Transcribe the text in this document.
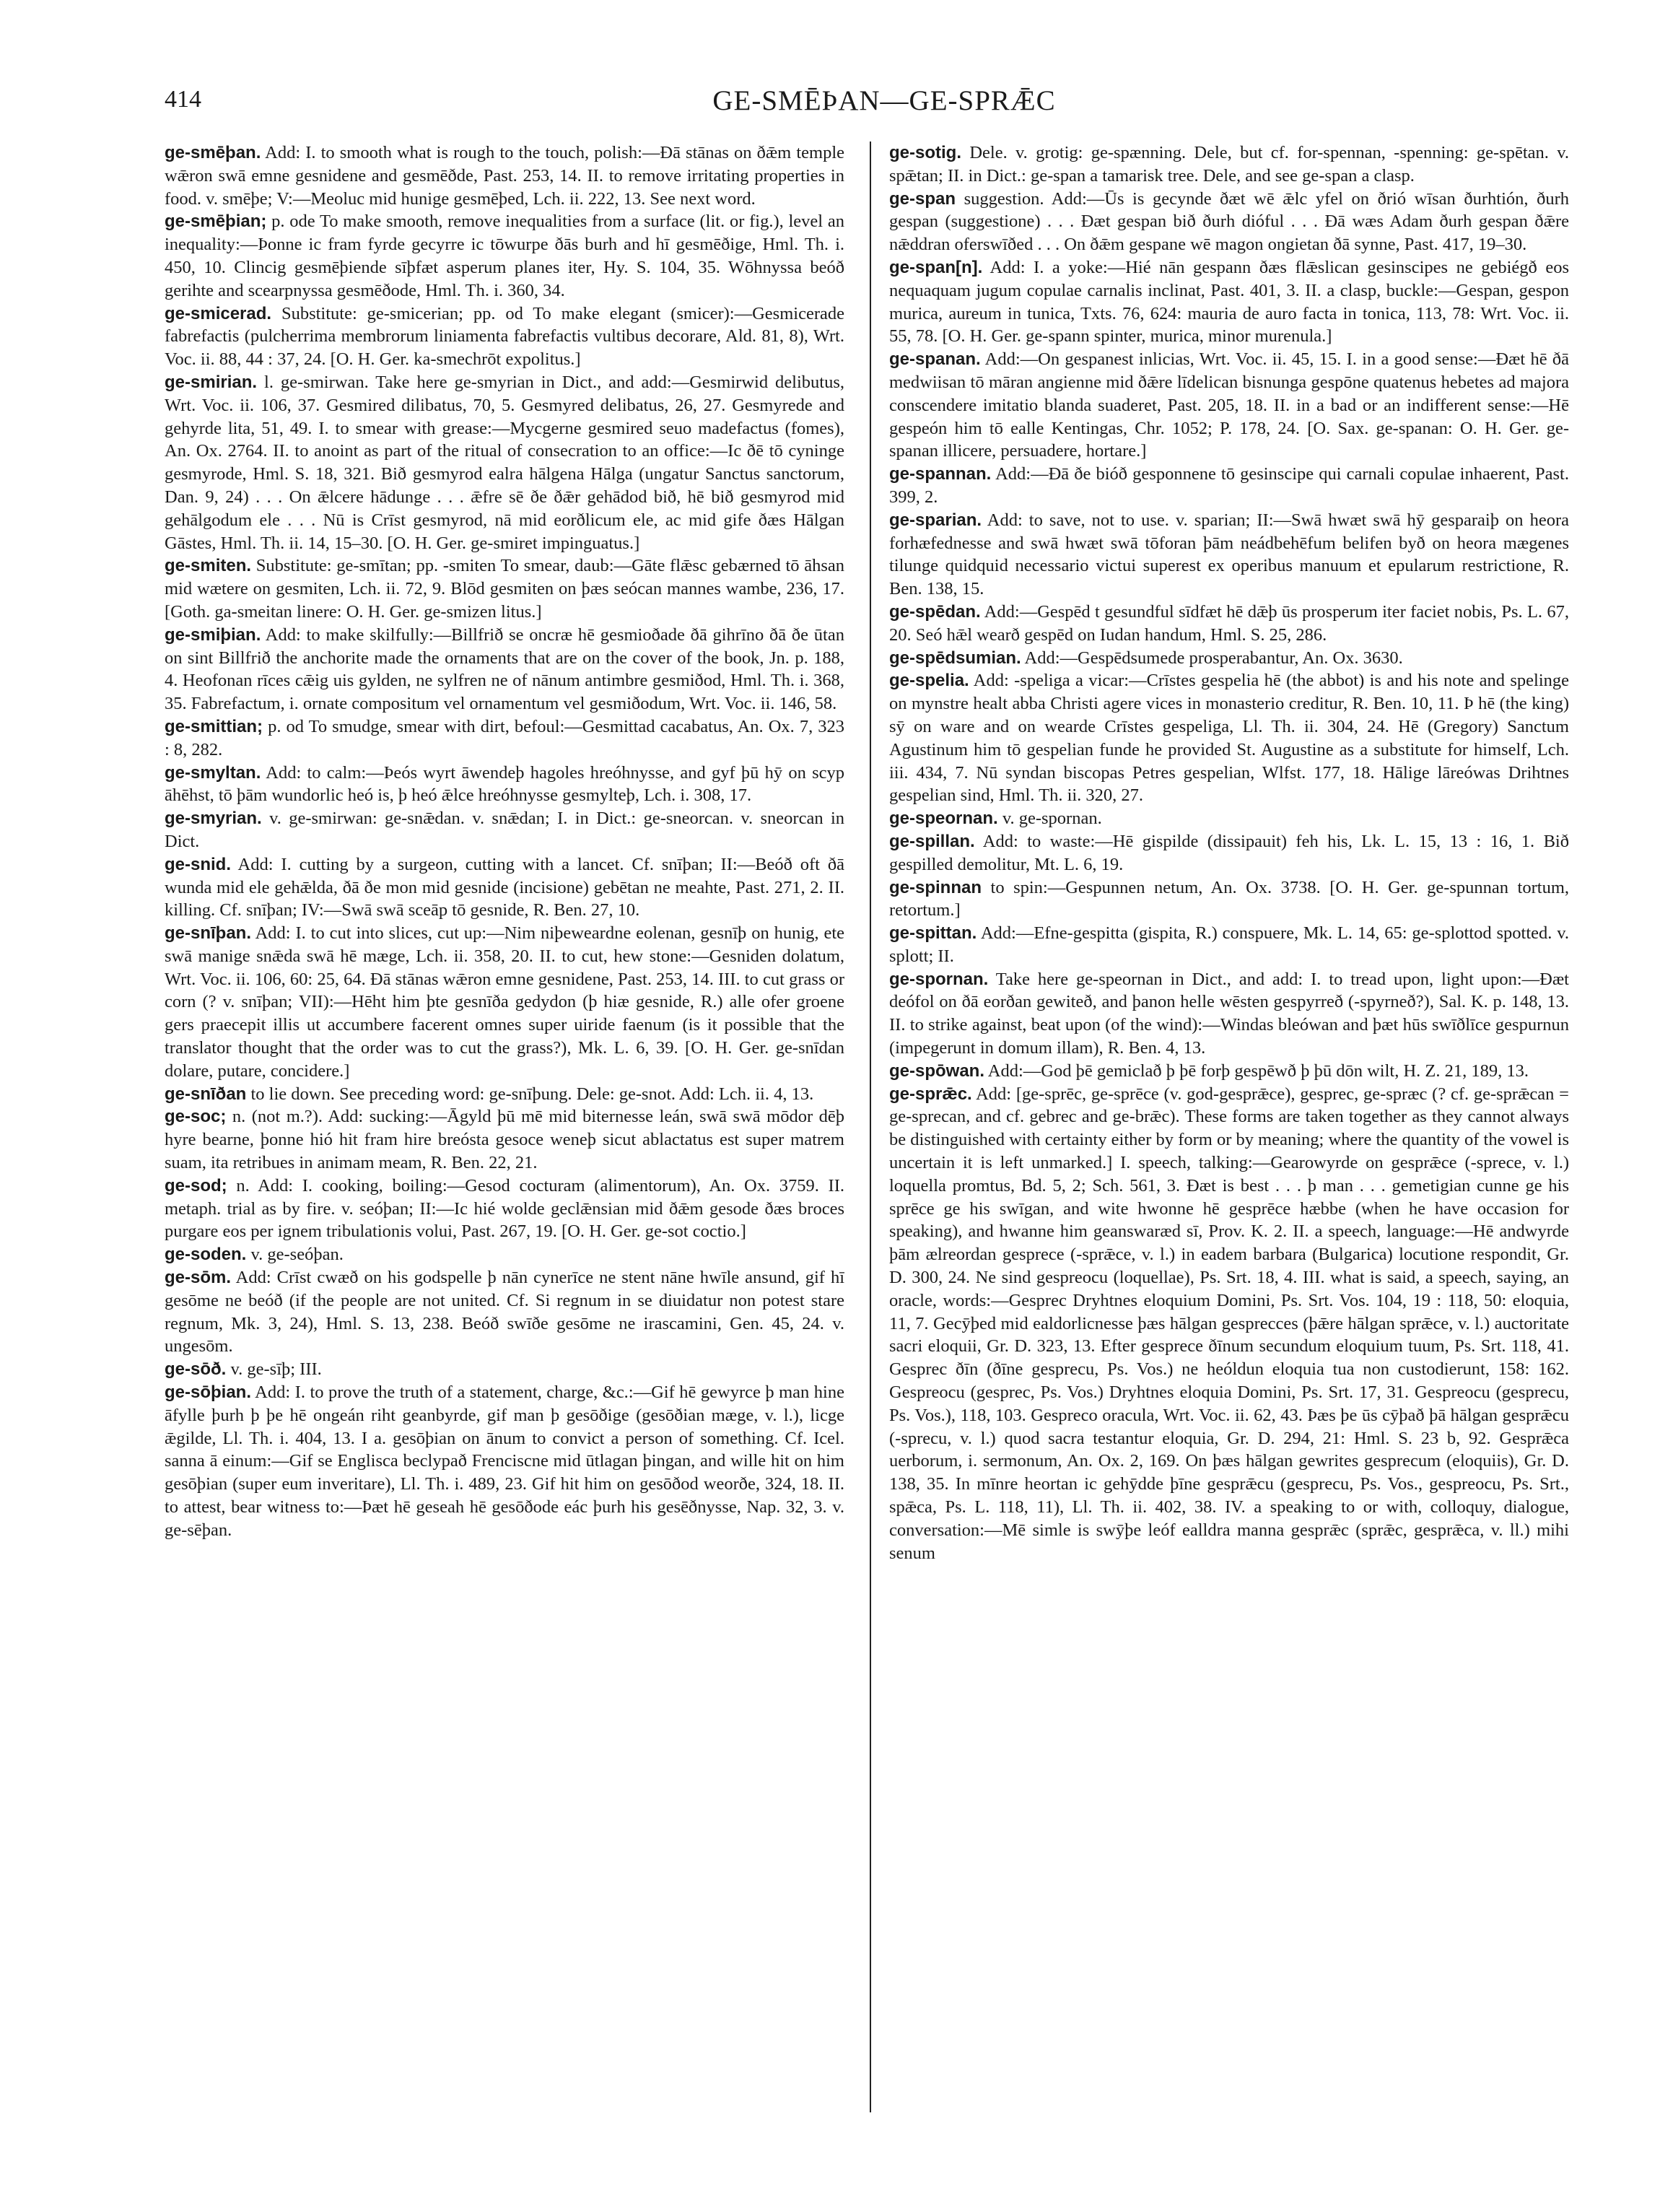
414	GE-SMĒÞAN—GE-SPRǢC

ge-smēþan. Add: I. to smooth what is rough to the touch, polish:—Ðā stānas on ðǣm temple wǣron swā emne gesnidene and gesmēðde, Past. 253, 14. II. to remove irritating properties in food. v. smēþe; V:—Meoluc mid hunige gesmēþed, Lch. ii. 222, 13. See next word.

ge-smēþian; p. ode To make smooth, remove inequalities from a surface (lit. or fig.), level an inequality:—Þonne ic fram fyrde gecyrre ic tōwurpe ðās burh and hī gesmēðige, Hml. Th. i. 450, 10. Clincig gesmēþiende sīþfæt asperum planes iter, Hy. S. 104, 35. Wōhnyssa beóð gerihte and scearpnyssa gesmēðode, Hml. Th. i. 360, 34.

ge-smicerad. Substitute: ge-smicerian; pp. od To make elegant (smicer):—Gesmicerade fabrefactis (pulcherrima membrorum liniamenta fabrefactis vultibus decorare, Ald. 81, 8), Wrt. Voc. ii. 88, 44 : 37, 24. [O. H. Ger. ka-smechrōt expolitus.]

ge-smirian. l. ge-smirwan. Take here ge-smyrian in Dict., and add:—Gesmirwid delibutus, Wrt. Voc. ii. 106, 37. Gesmired dilibatus, 70, 5. Gesmyred delibatus, 26, 27. Gesmyrede and gehyrde lita, 51, 49. I. to smear with grease:—Mycgerne gesmired seuo madefactus (fomes), An. Ox. 2764. II. to anoint as part of the ritual of consecration to an office:—Ic ðē tō cyninge gesmyrode, Hml. S. 18, 321. Bið gesmyrod ealra hālgena Hālga (ungatur Sanctus sanctorum, Dan. 9, 24) . . . On ǣlcere hādunge . . . ǣfre sē ðe ðǣr gehādod bið, hē bið gesmyrod mid gehālgodum ele . . . Nū is Crīst gesmyrod, nā mid eorðlicum ele, ac mid gife ðæs Hālgan Gāstes, Hml. Th. ii. 14, 15–30. [O. H. Ger. ge-smiret impinguatus.]

ge-smiten. Substitute: ge-smītan; pp. -smiten To smear, daub:—Gāte flǣsc gebærned tō āhsan mid wætere on gesmiten, Lch. ii. 72, 9. Blōd gesmiten on þæs seócan mannes wambe, 236, 17. [Goth. ga-smeitan linere: O. H. Ger. ge-smizen litus.]

ge-smiþian. Add: to make skilfully:—Billfrið se oncræ hē gesmioðade ðā gihrīno ðā ðe ūtan on sint Billfrið the anchorite made the ornaments that are on the cover of the book, Jn. p. 188, 4. Heofonan rīces cǣig uis gylden, ne sylfren ne of nānum antimbre gesmiðod, Hml. Th. i. 368, 35. Fabrefactum, i. ornate compositum vel ornamentum vel gesmiðodum, Wrt. Voc. ii. 146, 58.

ge-smittian; p. od To smudge, smear with dirt, befoul:—Gesmittad cacabatus, An. Ox. 7, 323 : 8, 282.

ge-smyltan. Add: to calm:—Þeós wyrt āwendeþ hagoles hreóhnysse, and gyf þū hȳ on scyp āhēhst, tō þām wundorlic heó is, þ heó ǣlce hreóhnysse gesmylteþ, Lch. i. 308, 17.

ge-smyrian. v. ge-smirwan: ge-snǣdan. v. snǣdan; I. in Dict.: ge-sneorcan. v. sneorcan in Dict.

ge-snid. Add: I. cutting by a surgeon, cutting with a lancet. Cf. snīþan; II:—Beóð oft ðā wunda mid ele gehǣlda, ðā ðe mon mid gesnide (incisione) gebētan ne meahte, Past. 271, 2. II. killing. Cf. snīþan; IV:—Swā swā sceāp tō gesnide, R. Ben. 27, 10.

ge-snīþan. Add: I. to cut into slices, cut up:—Nim niþeweardne eolenan, gesnīþ on hunig, ete swā manige snǣda swā hē mæge, Lch. ii. 358, 20. II. to cut, hew stone:—Gesniden dolatum, Wrt. Voc. ii. 106, 60: 25, 64. Ðā stānas wǣron emne gesnidene, Past. 253, 14. III. to cut grass or corn (? v. snīþan; VII):—Hēht him þte gesnīða gedydon (þ hiæ gesnide, R.) alle ofer groene gers praecepit illis ut accumbere facerent omnes super uiride faenum (is it possible that the translator thought that the order was to cut the grass?), Mk. L. 6, 39. [O. H. Ger. ge-snīdan dolare, putare, concidere.]

ge-snīðan to lie down. See preceding word: ge-snīþung. Dele: ge-snot. Add: Lch. ii. 4, 13.

ge-soc; n. (not m.?). Add: sucking:—Āgyld þū mē mid biternesse leán, swā swā mōdor dēþ hyre bearne, þonne hió hit fram hire breósta gesoce weneþ sicut ablactatus est super matrem suam, ita retribues in animam meam, R. Ben. 22, 21.

ge-sod; n. Add: I. cooking, boiling:—Gesod cocturam (alimentorum), An. Ox. 3759. II. metaph. trial as by fire. v. seóþan; II:—Ic hié wolde geclǣnsian mid ðǣm gesode ðæs broces purgare eos per ignem tribulationis volui, Past. 267, 19. [O. H. Ger. ge-sot coctio.]

ge-soden. v. ge-seóþan.

ge-sōm. Add: Crīst cwæð on his godspelle þ nān cynerīce ne stent nāne hwīle ansund, gif hī gesōme ne beóð (if the people are not united. Cf. Si regnum in se diuidatur non potest stare regnum, Mk. 3, 24), Hml. S. 13, 238. Beóð swīðe gesōme ne irascamini, Gen. 45, 24. v. ungesōm.

ge-sōð. v. ge-sīþ; III.

ge-sōþian. Add: I. to prove the truth of a statement, charge, &c.:—Gif hē gewyrce þ man hine āfylle þurh þ þe hē ongeán riht geanbyrde, gif man þ gesōðige (gesōðian mæge, v. l.), licge ǣgilde, Ll. Th. i. 404, 13. I a. gesōþian on ānum to convict a person of something. Cf. Icel. sanna ā einum:—Gif se Englisca beclypað Frenciscne mid ūtlagan þingan, and wille hit on him gesōþian (super eum inveritare), Ll. Th. i. 489, 23. Gif hit him on gesōðod weorðe, 324, 18. II. to attest, bear witness to:—Þæt hē geseah hē gesōðode eác þurh his gesēðnysse, Nap. 32, 3. v. ge-sēþan.

ge-sotig. Dele. v. grotig: ge-spænning. Dele, but cf. for-spennan, -spenning: ge-spētan. v. spǣtan; II. in Dict.: ge-span a tamarisk tree. Dele, and see ge-span a clasp.

ge-span suggestion. Add:—Ūs is gecynde ðæt wē ǣlc yfel on ðrió wīsan ðurhtión, ðurh gespan (suggestione) . . . Ðæt gespan bið ðurh dióful . . . Ðā wæs Adam ðurh gespan ðǣre nǣddran oferswīðed . . . On ðǣm gespane wē magon ongietan ðā synne, Past. 417, 19–30.

ge-span[n]. Add: I. a yoke:—Hié nān gespann ðæs flǣslican gesinscipes ne gebiégð eos nequaquam jugum copulae carnalis inclinat, Past. 401, 3. II. a clasp, buckle:—Gespan, gespon murica, aureum in tunica, Txts. 76, 624: mauria de auro facta in tonica, 113, 78: Wrt. Voc. ii. 55, 78. [O. H. Ger. ge-spann spinter, murica, minor murenula.]

ge-spanan. Add:—On gespanest inlicias, Wrt. Voc. ii. 45, 15. I. in a good sense:—Ðæt hē ðā medwiisan tō māran angienne mid ðǣre līdelican bisnunga gespōne quatenus hebetes ad majora conscendere imitatio blanda suaderet, Past. 205, 18. II. in a bad or an indifferent sense:—Hē gespeón him tō ealle Kentingas, Chr. 1052; P. 178, 24. [O. Sax. ge-spanan: O. H. Ger. ge-spanan illicere, persuadere, hortare.]

ge-spannan. Add:—Ðā ðe bióð gesponnene tō gesinscipe qui carnali copulae inhaerent, Past. 399, 2.

ge-sparian. Add: to save, not to use. v. sparian; II:—Swā hwæt swā hȳ gesparaiþ on heora forhæfednesse and swā hwæt swā tōforan þām neádbehēfum belifen byð on heora mægenes tilunge quidquid necessario victui superest ex operibus manuum et epularum restrictione, R. Ben. 138, 15.

ge-spēdan. Add:—Gespēd t gesundful sīdfæt hē dǣþ ūs prosperum iter faciet nobis, Ps. L. 67, 20. Seó hǣl wearð gespēd on Iudan handum, Hml. S. 25, 286.

ge-spēdsumian. Add:—Gespēdsumede prosperabantur, An. Ox. 3630.

ge-spelia. Add: -speliga a vicar:—Crīstes gespelia hē (the abbot) is and his note and spelinge on mynstre healt abba Christi agere vices in monasterio creditur, R. Ben. 10, 11. Þ hē (the king) sȳ on ware and on wearde Crīstes gespeliga, Ll. Th. ii. 304, 24. Hē (Gregory) Sanctum Agustinum him tō gespelian funde he provided St. Augustine as a substitute for himself, Lch. iii. 434, 7. Nū syndan biscopas Petres gespelian, Wlfst. 177, 18. Hālige lāreówas Drihtnes gespelian sind, Hml. Th. ii. 320, 27.

ge-speornan. v. ge-spornan.

ge-spillan. Add: to waste:—Hē gispilde (dissipauit) feh his, Lk. L. 15, 13 : 16, 1. Bið gespilled demolitur, Mt. L. 6, 19.

ge-spinnan to spin:—Gespunnen netum, An. Ox. 3738. [O. H. Ger. ge-spunnan tortum, retortum.]

ge-spittan. Add:—Efne-gespitta (gispita, R.) conspuere, Mk. L. 14, 65: ge-splottod spotted. v. splott; II.

ge-spornan. Take here ge-speornan in Dict., and add: I. to tread upon, light upon:—Ðæt deófol on ðā eorðan gewiteð, and þanon helle wēsten gespyrreð (-spyrneð?), Sal. K. p. 148, 13. II. to strike against, beat upon (of the wind):—Windas bleówan and þæt hūs swīðlīce gespurnun (impegerunt in domum illam), R. Ben. 4, 13.

ge-spōwan. Add:—God þē gemiclað þ þē forþ gespēwð þ þū dōn wilt, H. Z. 21, 189, 13.

ge-sprǣc. Add: [ge-sprēc, ge-sprēce (v. god-gesprǣce), gesprec, ge-spræc (? cf. ge-sprǣcan = ge-sprecan, and cf. gebrec and ge-brǣc). These forms are taken together as they cannot always be distinguished with certainty either by form or by meaning; where the quantity of the vowel is uncertain it is left unmarked.] I. speech, talking:—Gearowyrde on gesprǣce (-sprece, v. l.) loquella promtus, Bd. 5, 2; Sch. 561, 3. Ðæt is best . . . þ man . . . gemetigian cunne ge his sprēce ge his swīgan, and wite hwonne hē gesprēce hæbbe (when he have occasion for speaking), and hwanne him geanswaræd sī, Prov. K. 2. II. a speech, language:—Hē andwyrde þām ælreordan gesprece (-sprǣce, v. l.) in eadem barbara (Bulgarica) locutione respondit, Gr. D. 300, 24. Ne sind gespreocu (loquellae), Ps. Srt. 18, 4. III. what is said, a speech, saying, an oracle, words:—Gesprec Dryhtnes eloquium Domini, Ps. Srt. Vos. 104, 19 : 118, 50: eloquia, 11, 7. Gecȳþed mid ealdorlicnesse þæs hālgan gesprecces (þǣre hālgan sprǣce, v. l.) auctoritate sacri eloquii, Gr. D. 323, 13. Efter gesprece ðīnum secundum eloquium tuum, Ps. Srt. 118, 41. Gesprec ðīn (ðīne gesprecu, Ps. Vos.) ne heóldun eloquia tua non custodierunt, 158: 162. Gespreocu (gesprec, Ps. Vos.) Dryhtnes eloquia Domini, Ps. Srt. 17, 31. Gespreocu (gesprecu, Ps. Vos.), 118, 103. Gespreco oracula, Wrt. Voc. ii. 62, 43. Þæs þe ūs cȳþað þā hālgan gesprǣcu (-sprecu, v. l.) quod sacra testantur eloquia, Gr. D. 294, 21: Hml. S. 23 b, 92. Gesprǣca uerborum, i. sermonum, An. Ox. 2, 169. On þæs hālgan gewrites gesprecum (eloquiis), Gr. D. 138, 35. In mīnre heortan ic gehȳdde þīne gesprǣcu (gesprecu, Ps. Vos., gespreocu, Ps. Srt., spǣca, Ps. L. 118, 11), Ll. Th. ii. 402, 38. IV. a speaking to or with, colloquy, dialogue, conversation:—Mē simle is swȳþe leóf ealldra manna gesprǣc (sprǣc, gesprǣca, v. ll.) mihi senum
